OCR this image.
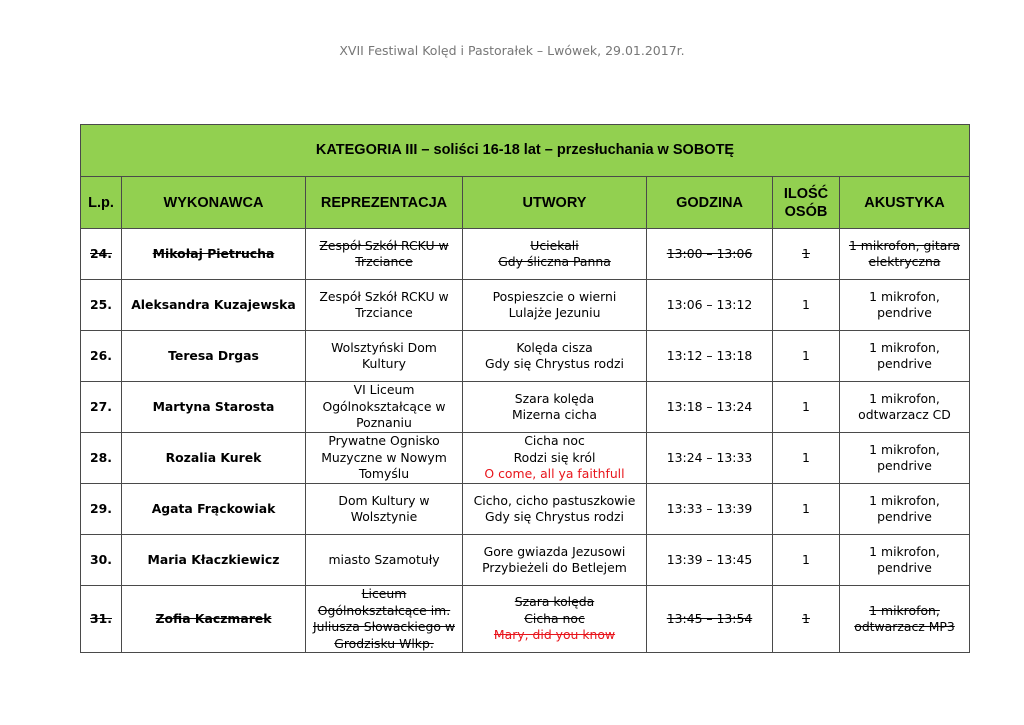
XVII Festiwal Kolęd i Pastorałek – Lwówek, 29.01.2017r.
KATEGORIA III – soliści 16-18 lat – przesłuchania w SOBOTĘ						
L.p.	WYKONAWCA	REPREZENTACJA	UTWORY	GODZINA	ILOŚĆ OSÓB	AKUSTYKA
24.	Mikołaj Pietrucha	Zespół Szkół RCKU w Trzciance	Uciekali
Gdy śliczna Panna	13:00 – 13:06	1	1 mikrofon, gitara elektryczna
25.	Aleksandra Kuzajewska	Zespół Szkół RCKU w Trzciance	Pospieszcie o wierni
Lulajże Jezuniu	13:06 – 13:12	1	1 mikrofon, pendrive
26.	Teresa Drgas	Wolsztyński Dom Kultury	Kolęda cisza
Gdy się Chrystus rodzi	13:12 – 13:18	1	1 mikrofon, pendrive
27.	Martyna Starosta	VI Liceum Ogólnokształcące w Poznaniu	Szara kolęda
Mizerna cicha	13:18 – 13:24	1	1 mikrofon, odtwarzacz CD
28.	Rozalia Kurek	Prywatne Ognisko Muzyczne w Nowym Tomyślu	Cicha noc
Rodzi się król
O come, all ya faithfull	13:24 – 13:33	1	1 mikrofon, pendrive
29.	Agata Frąckowiak	Dom Kultury w Wolsztynie	Cicho, cicho pastuszkowie
Gdy się Chrystus rodzi	13:33 – 13:39	1	1 mikrofon, pendrive
30.	Maria Kłaczkiewicz	miasto Szamotuły	Gore gwiazda Jezusowi
Przybieżeli do Betlejem	13:39 – 13:45	1	1 mikrofon, pendrive
31.	Zofia Kaczmarek	Liceum Ogólnokształcące im. Juliusza Słowackiego w Grodzisku Wlkp.	Szara kolęda
Cicha noc
Mary, did you know	13:45 – 13:54	1	1 mikrofon, odtwarzacz MP3
